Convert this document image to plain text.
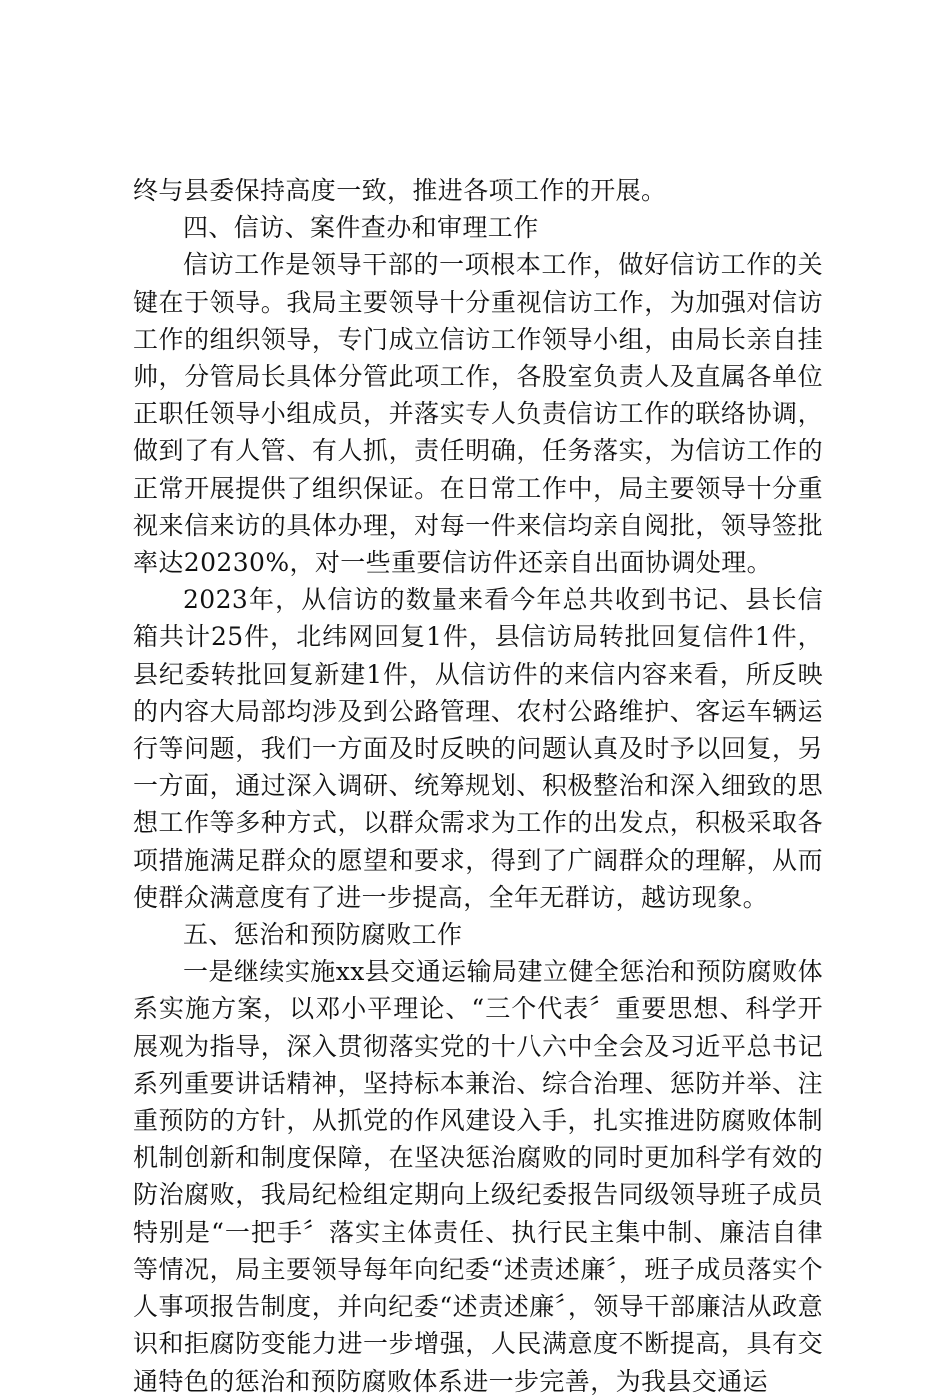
终与县委保持高度一致，推进各项工作的开展。

四、信访、案件查办和审理工作

信访工作是领导干部的一项根本工作，做好信访工作的关键在于领导。我局主要领导十分重视信访工作，为加强对信访工作的组织领导，专门成立信访工作领导小组，由局长亲自挂帅，分管局长具体分管此项工作，各股室负责人及直属各单位正职任领导小组成员，并落实专人负责信访工作的联络协调，做到了有人管、有人抓，责任明确，任务落实，为信访工作的正常开展提供了组织保证。在日常工作中，局主要领导十分重视来信来访的具体办理，对每一件来信均亲自阅批，领导签批率达20230%，对一些重要信访件还亲自出面协调处理。

2023年，从信访的数量来看今年总共收到书记、县长信箱共计25件，北纬网回复1件，县信访局转批回复信件1件，县纪委转批回复新建1件，从信访件的来信内容来看，所反映的内容大局部均涉及到公路管理、农村公路维护、客运车辆运行等问题，我们一方面及时反映的问题认真及时予以回复，另一方面，通过深入调研、统筹规划、积极整治和深入细致的思想工作等多种方式，以群众需求为工作的出发点，积极采取各项措施满足群众的愿望和要求，得到了广阔群众的理解，从而使群众满意度有了进一步提高，全年无群访，越访现象。

五、惩治和预防腐败工作

一是继续实施xx县交通运输局建立健全惩治和预防腐败体系实施方案，以邓小平理论、“三个代表〞重要思想、科学开展观为指导，深入贯彻落实党的十八六中全会及习近平总书记系列重要讲话精神，坚持标本兼治、综合治理、惩防并举、注重预防的方针，从抓党的作风建设入手，扎实推进防腐败体制机制创新和制度保障，在坚决惩治腐败的同时更加科学有效的防治腐败，我局纪检组定期向上级纪委报告同级领导班子成员特别是“一把手〞落实主体责任、执行民主集中制、廉洁自律等情况，局主要领导每年向纪委“述责述廉〞，班子成员落实个人事项报告制度，并向纪委“述责述廉〞，领导干部廉洁从政意识和拒腐防变能力进一步增强，人民满意度不断提高，具有交通特色的惩治和预防腐败体系进一步完善，为我县交通运
